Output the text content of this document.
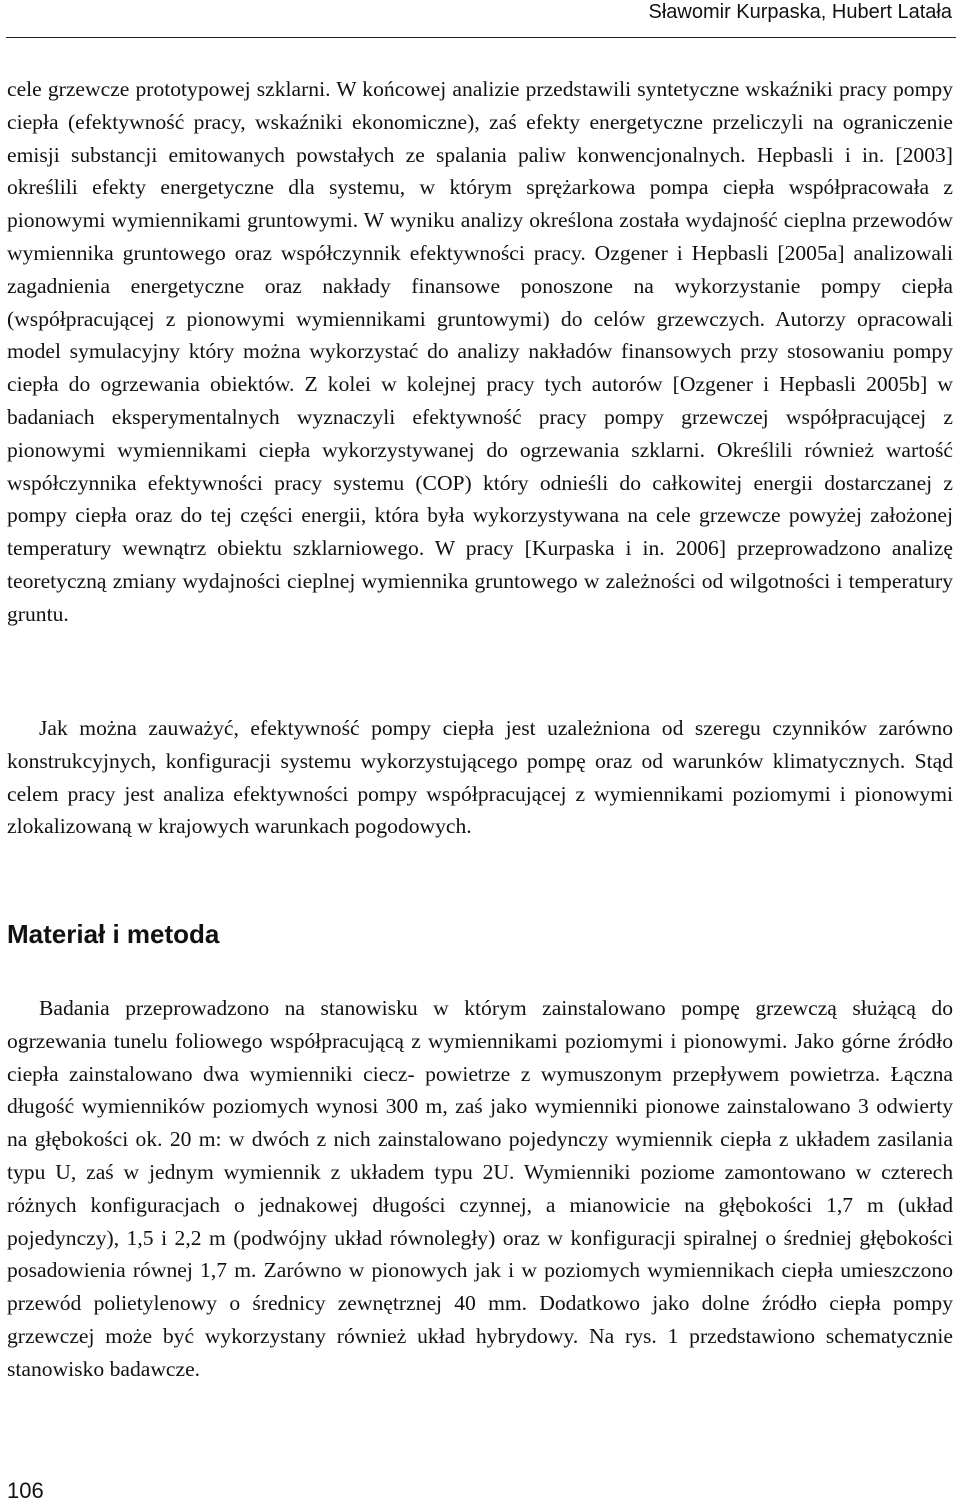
Sławomir Kurpaska, Hubert Latała

cele grzewcze prototypowej szklarni. W końcowej analizie przedstawili syntetyczne wskaźniki pracy pompy ciepła (efektywność pracy, wskaźniki ekonomiczne), zaś efekty energetyczne przeliczyli na ograniczenie emisji substancji emitowanych powstałych ze spalania paliw konwencjonalnych. Hepbasli i in. [2003] określili efekty energetyczne dla systemu, w którym sprężarkowa pompa ciepła współpracowała z pionowymi wymiennikami gruntowymi. W wyniku analizy określona została wydajność cieplna przewodów wymiennika gruntowego oraz współczynnik efektywności pracy. Ozgener i Hepbasli [2005a] analizowali zagadnienia energetyczne oraz nakłady finansowe ponoszone na wykorzystanie pompy ciepła (współpracującej z pionowymi wymiennikami gruntowymi) do celów grzewczych. Autorzy opracowali model symulacyjny który można wykorzystać do analizy nakładów finansowych przy stosowaniu pompy ciepła do ogrzewania obiektów. Z kolei w kolejnej pracy tych autorów [Ozgener i Hepbasli 2005b] w badaniach eksperymentalnych wyznaczyli efektywność pracy pompy grzewczej współpracującej z pionowymi wymiennikami ciepła wykorzystywanej do ogrzewania szklarni. Określili również wartość współczynnika efektywności pracy systemu (COP) który odnieśli do całkowitej energii dostarczanej z pompy ciepła oraz do tej części energii, która była wykorzystywana na cele grzewcze powyżej założonej temperatury wewnątrz obiektu szklarniowego. W pracy [Kurpaska i in. 2006] przeprowadzono analizę teoretyczną zmiany wydajności cieplnej wymiennika gruntowego w zależności od wilgotności i temperatury gruntu.

Jak można zauważyć, efektywność pompy ciepła jest uzależniona od szeregu czynników zarówno konstrukcyjnych, konfiguracji systemu wykorzystującego pompę oraz od warunków klimatycznych. Stąd celem pracy jest analiza efektywności pompy współpracującej z wymiennikami poziomymi i pionowymi zlokalizowaną w krajowych warunkach pogodowych.

Materiał i metoda

Badania przeprowadzono na stanowisku w którym zainstalowano pompę grzewczą służącą do ogrzewania tunelu foliowego współpracującą z wymiennikami poziomymi i pionowymi. Jako górne źródło ciepła zainstalowano dwa wymienniki ciecz- powietrze z wymuszonym przepływem powietrza. Łączna długość wymienników poziomych wynosi 300 m, zaś jako wymienniki pionowe zainstalowano 3 odwierty na głębokości ok. 20 m: w dwóch z nich zainstalowano pojedynczy wymiennik ciepła z układem zasilania typu U, zaś w jednym wymiennik z układem typu 2U. Wymienniki poziome zamontowano w czterech różnych konfiguracjach o jednakowej długości czynnej, a mianowicie na głębokości 1,7 m (układ pojedynczy), 1,5 i 2,2 m (podwójny układ równoległy) oraz w konfiguracji spiralnej o średniej głębokości posadowienia równej 1,7 m. Zarówno w pionowych jak i w poziomych wymiennikach ciepła umieszczono przewód polietylenowy o średnicy zewnętrznej 40 mm. Dodatkowo jako dolne źródło ciepła pompy grzewczej może być wykorzystany również układ hybrydowy. Na rys. 1 przedstawiono schematycznie stanowisko badawcze.

106
